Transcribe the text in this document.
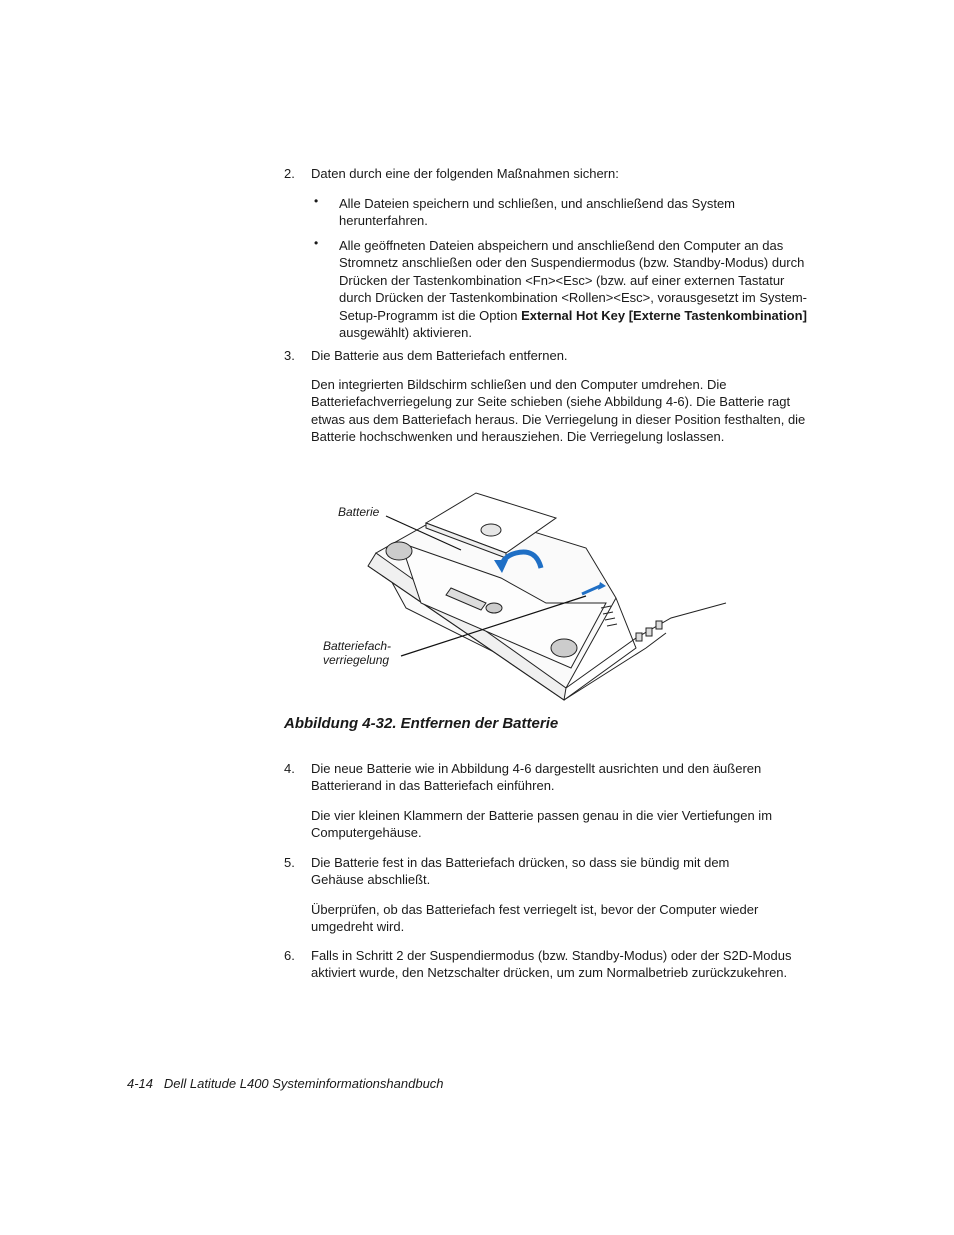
2. Daten durch eine der folgenden Maßnahmen sichern:
• Alle Dateien speichern und schließen, und anschließend das System herunterfahren.
• Alle geöffneten Dateien abspeichern und anschließend den Computer an das Stromnetz anschließen oder den Suspendiermodus (bzw. Standby-Modus) durch Drücken der Tastenkombination <Fn><Esc> (bzw. auf einer externen Tastatur durch Drücken der Tastenkombination <Rollen><Esc>, vorausgesetzt im System-Setup-Programm ist die Option External Hot Key [Externe Tastenkombination] ausgewählt) aktivieren.
3. Die Batterie aus dem Batteriefach entfernen.
Den integrierten Bildschirm schließen und den Computer umdrehen. Die Batteriefachverriegelung zur Seite schieben (siehe Abbildung 4-6). Die Batterie ragt etwas aus dem Batteriefach heraus. Die Verriegelung in dieser Position festhalten, die Batterie hochschwenken und herausziehen. Die Verriegelung loslassen.
Batterie
Batteriefach-
verriegelung
Abbildung 4-32. Entfernen der Batterie
4. Die neue Batterie wie in Abbildung 4-6 dargestellt ausrichten und den äußeren Batterierand in das Batteriefach einführen.
Die vier kleinen Klammern der Batterie passen genau in die vier Vertiefungen im Computergehäuse.
5. Die Batterie fest in das Batteriefach drücken, so dass sie bündig mit dem Gehäuse abschließt.
Überprüfen, ob das Batteriefach fest verriegelt ist, bevor der Computer wieder umgedreht wird.
6. Falls in Schritt 2 der Suspendiermodus (bzw. Standby-Modus) oder der S2D-Modus aktiviert wurde, den Netzschalter drücken, um zum Normalbetrieb zurückzukehren.
4-14   Dell Latitude L400 Systeminformationshandbuch
